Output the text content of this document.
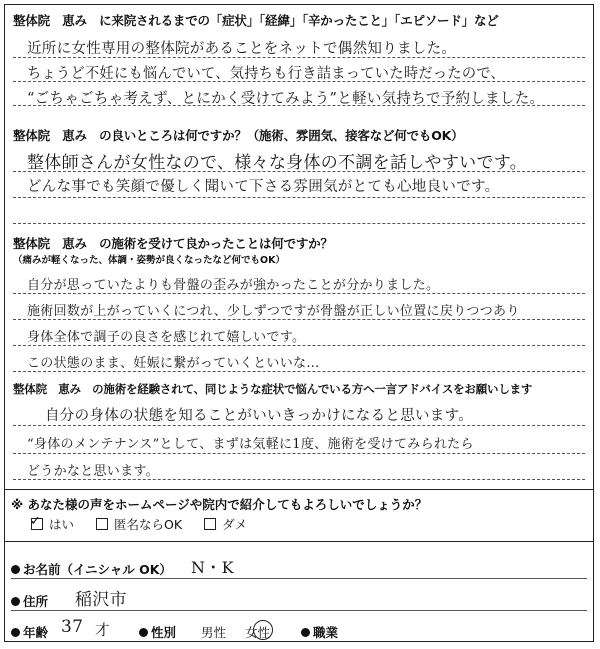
整体院　恵み　に来院されるまでの「症状」「経緯」「辛かったこと」「エピソード」など
近所に女性専用の整体院があることをネットで偶然知りました。
ちょうど不妊にも悩んでいて、気持ちも行き詰まっていた時だったので、
“ごちゃごちゃ考えず、とにかく受けてみよう”と軽い気持ちで予約しました。
整体院　恵み　の良いところは何ですか？（施術、雰囲気、接客など何でもOK）
整体師さんが女性なので、様々な身体の不調を話しやすいです。
どんな事でも笑顔で優しく聞いて下さる雰囲気がとても心地良いです。
整体院　恵み　の施術を受けて良かったことは何ですか？
（痛みが軽くなった、体調・姿勢が良くなったなど何でもOK）
自分が思っていたよりも骨盤の歪みが強かったことが分かりました。
施術回数が上がっていくにつれ、少しずつですが骨盤が正しい位置に戻りつつあり
身体全体で調子の良さを感じれて嬉しいです。
この状態のまま、妊娠に繋がっていくといいな…
整体院　恵み　の施術を経験されて、同じような症状で悩んでいる方へ一言アドバイスをお願いします
自分の身体の状態を知ることがいいきっかけになると思います。
“身体のメンテナンス”として、まずは気軽に1度、施術を受けてみられたら
どうかなと思います。
※ あなた様の声をホームページや院内で紹介してもよろしいでしょうか？
✓ はい	匿名ならOK	ダメ
お名前（イニシャル OK） N・K
住所 稲沢市
年齢 37 才	性別 男性 女性	職業
